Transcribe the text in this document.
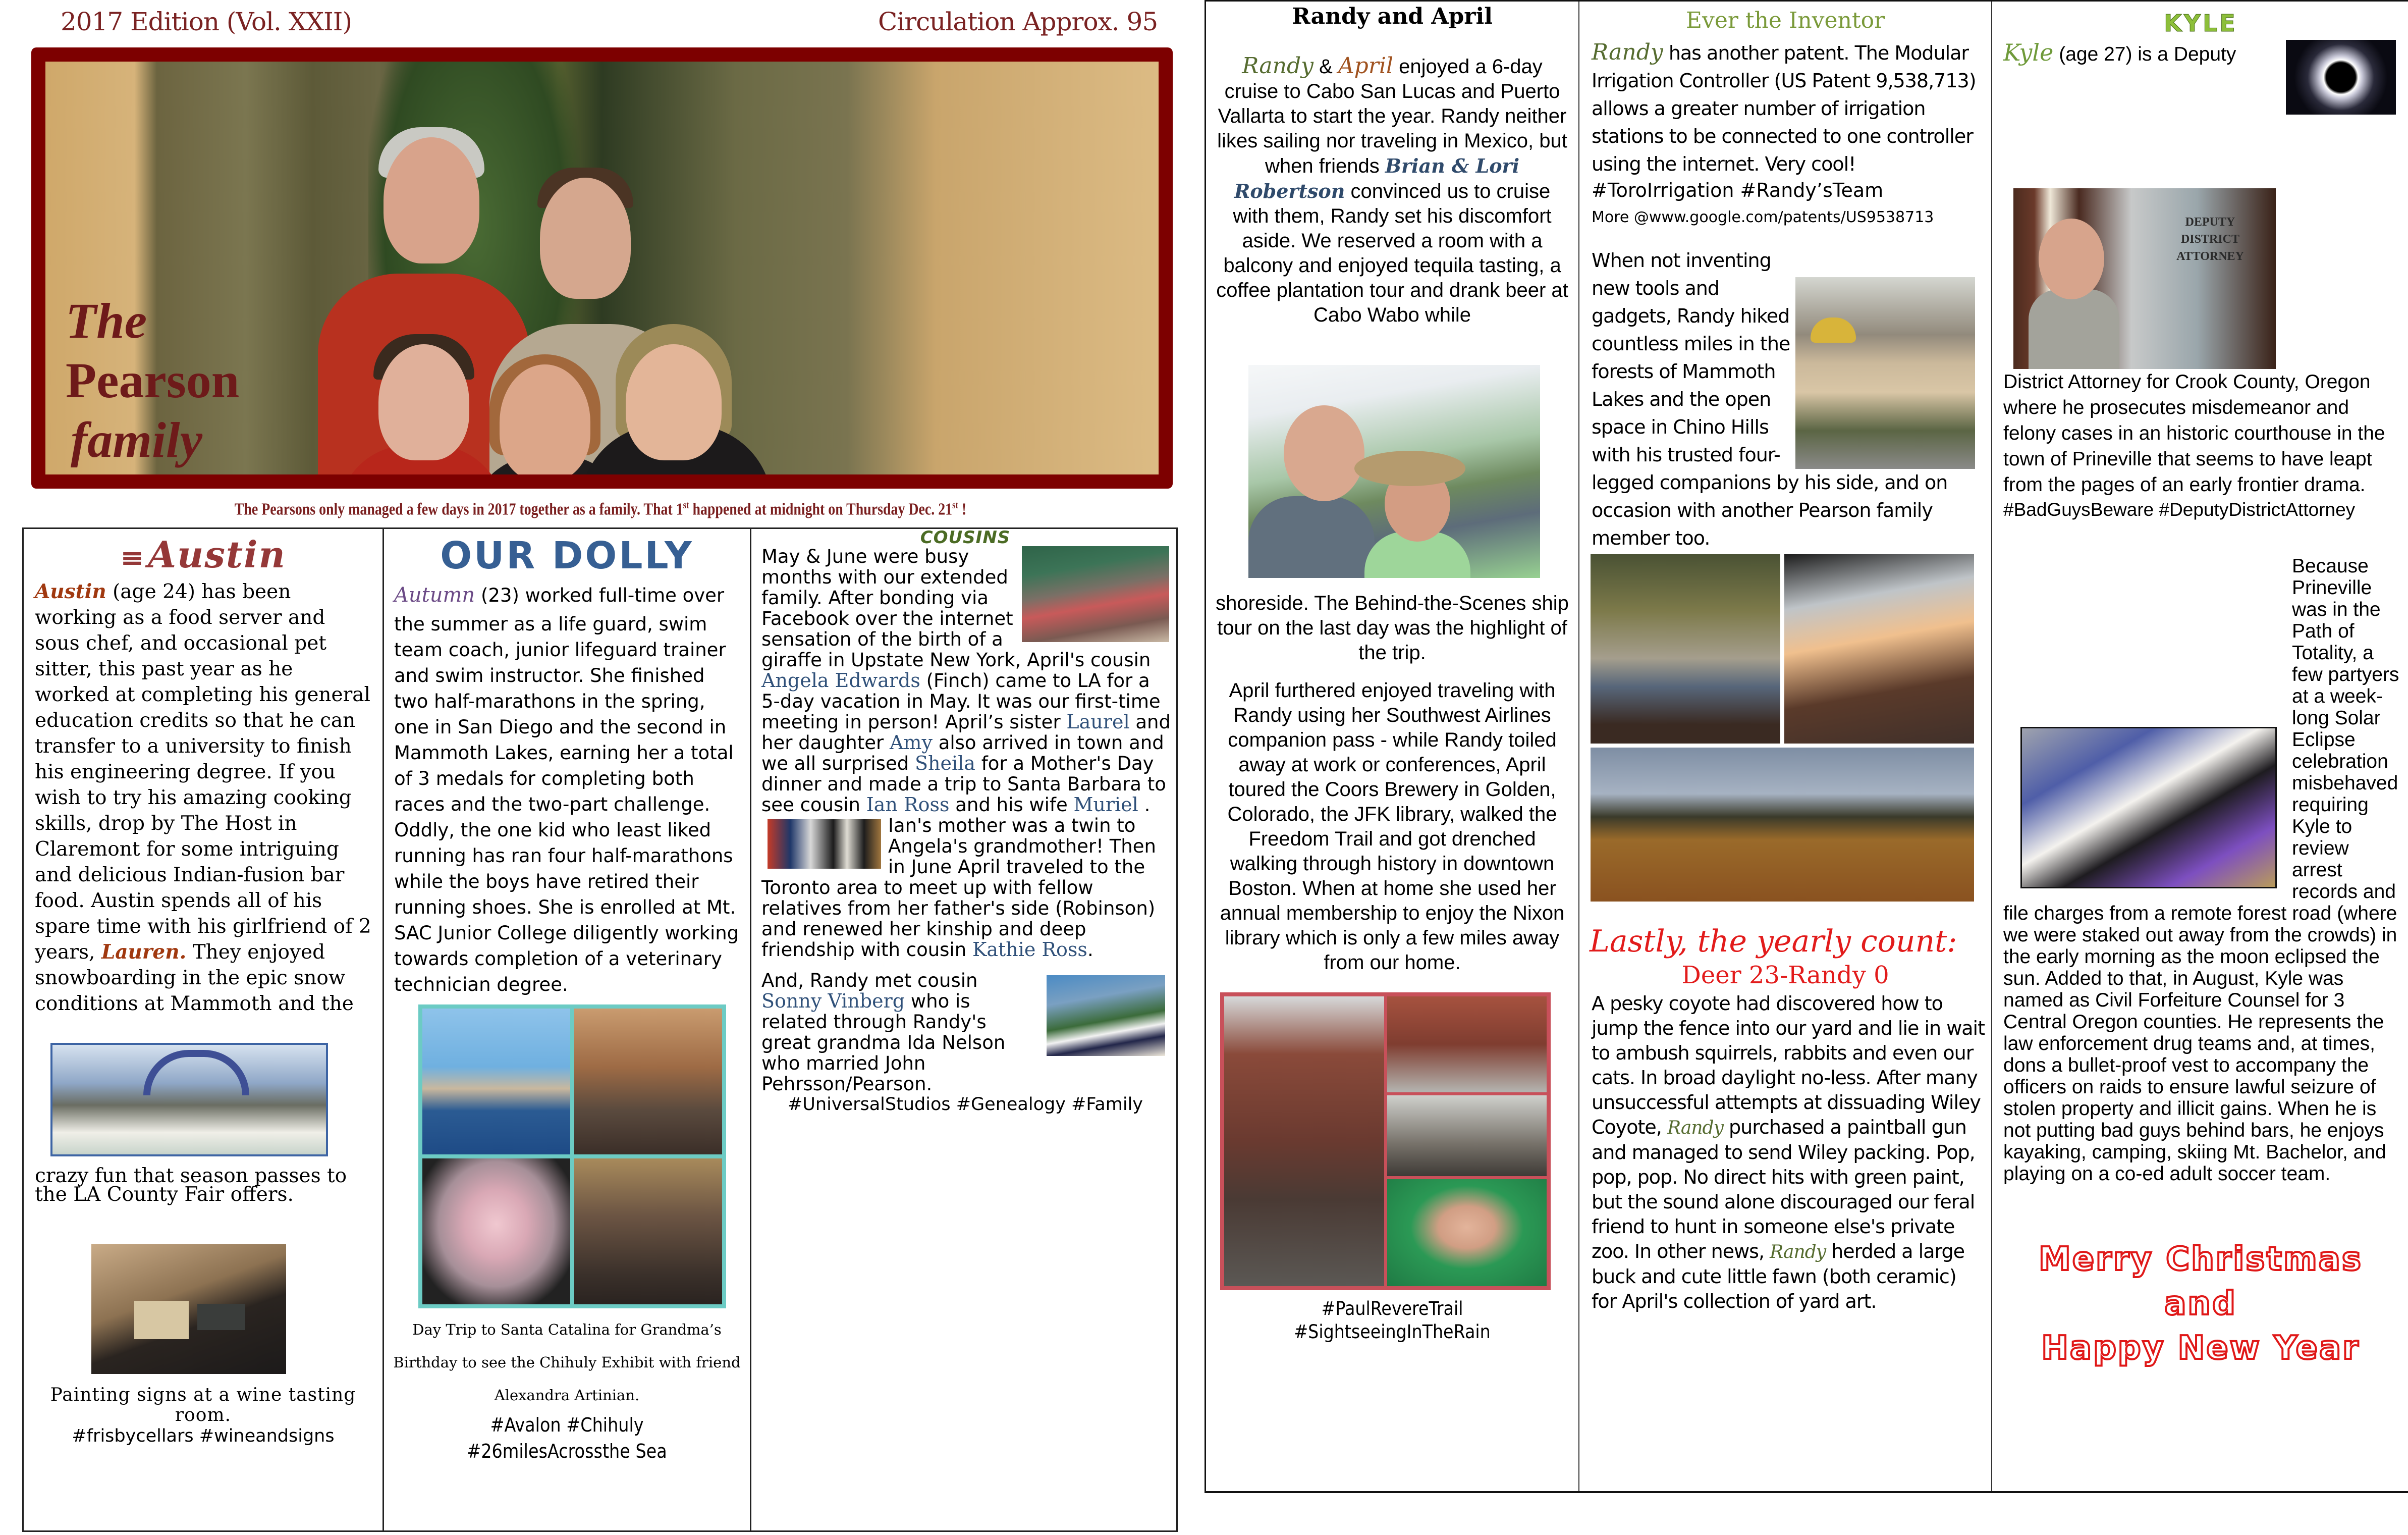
2017 Edition (Vol. XXII)	Circulation Approx. 95
The
Pearson
family
The Pearsons only managed a few days in 2017 together as a family. That 1st happened at midnight on Thursday Dec. 21st !
≡ Austin
Austin (age 24) has been working as a food server and sous chef, and occasional pet sitter, this past year as he worked at completing his general education credits so that he can transfer to a university to finish his engineering degree. If you wish to try his amazing cooking skills, drop by The Host in Claremont for some intriguing and delicious Indian-fusion bar food. Austin spends all of his spare time with his girlfriend of 2 years, Lauren. They enjoyed snowboarding in the epic snow conditions at Mammoth and the
crazy fun that season passes to the LA County Fair offers.
Painting signs at a wine tasting room.
#frisbycellars #wineandsigns
OUR DOLLY
Autumn (23) worked full-time over
the summer as a life guard, swim team coach, junior lifeguard trainer and swim instructor. She finished two half-marathons in the spring, one in San Diego and the second in Mammoth Lakes, earning her a total of 3 medals for completing both races and the two-part challenge. Oddly, the one kid who least liked running has ran four half-marathons while the boys have retired their running shoes. She is enrolled at Mt. SAC Junior College diligently working towards completion of a veterinary technician degree.
Day Trip to Santa Catalina for Grandma’s Birthday to see the Chihuly Exhibit with friend Alexandra Artinian.
#Avalon #Chihuly
#26milesAcrossthe Sea
COUSINS
May & June were busy months with our extended family. After bonding via Facebook over the internet sensation of the birth of a giraffe in Upstate New York, April's cousin Angela Edwards (Finch) came to LA for a 5-day vacation in May. It was our first-time meeting in person! April’s sister Laurel and her daughter Amy also arrived in town and we all surprised Sheila for a Mother's Day dinner and made a trip to Santa Barbara to see cousin Ian Ross and his wife Muriel . Ian's mother was a twin to Angela's grandmother! Then in June April traveled to the Toronto area to meet up with fellow relatives from her father's side (Robinson) and renewed her kinship and deep friendship with cousin Kathie Ross.
And, Randy met cousin Sonny Vinberg who is related through Randy's great grandma Ida Nelson who married John Pehrsson/Pearson.
#UniversalStudios #Genealogy #Family
Randy and April
Randy & April enjoyed a 6-day cruise to Cabo San Lucas and Puerto Vallarta to start the year. Randy neither likes sailing nor traveling in Mexico, but when friends Brian & Lori Robertson convinced us to cruise with them, Randy set his discomfort aside. We reserved a room with a balcony and enjoyed tequila tasting, a coffee plantation tour and drank beer at Cabo Wabo while
shoreside. The Behind-the-Scenes ship tour on the last day was the highlight of the trip.
April furthered enjoyed traveling with Randy using her Southwest Airlines companion pass - while Randy toiled away at work or conferences, April toured the Coors Brewery in Golden, Colorado, the JFK library, walked the Freedom Trail and got drenched walking through history in downtown Boston. When at home she used her annual membership to enjoy the Nixon library which is only a few miles away from our home.
#PaulRevereTrail
#SightseeingInTheRain
Ever the Inventor
Randy has another patent. The Modular Irrigation Controller (US Patent 9,538,713) allows a greater number of irrigation stations to be connected to one controller using the internet. Very cool!
#ToroIrrigation #Randy’sTeam
More @www.google.com/patents/US9538713
When not inventing new tools and gadgets, Randy hiked countless miles in the forests of Mammoth Lakes and the open space in Chino Hills with his trusted four-legged companions by his side, and on occasion with another Pearson family member too.
Lastly, the yearly count:
Deer 23-Randy 0
A pesky coyote had discovered how to jump the fence into our yard and lie in wait to ambush squirrels, rabbits and even our cats. In broad daylight no-less. After many unsuccessful attempts at dissuading Wiley Coyote, Randy purchased a paintball gun and managed to send Wiley packing. Pop, pop, pop. No direct hits with green paint, but the sound alone discouraged our feral friend to hunt in someone else's private zoo. In other news, Randy herded a large buck and cute little fawn (both ceramic) for April's collection of yard art.
KYLE
Kyle
DEPUTY DISTRICT ATTORNEY
(age 27) is a Deputy District Attorney for Crook County, Oregon where he prosecutes misdemeanor and felony cases in an historic courthouse in the town of Prineville that seems to have leapt from the pages of an early frontier drama.
#BadGuysBeware #DeputyDistrictAttorney
Because Prineville was in the Path of Totality, a few partyers at a week-long Solar Eclipse celebration misbehaved requiring Kyle to review arrest records and file charges from a remote forest road (where we were staked out away from the crowds) in the early morning as the moon eclipsed the sun. Added to that, in August, Kyle was named as Civil Forfeiture Counsel for 3 Central Oregon counties. He represents the law enforcement drug teams and, at times, dons a bullet-proof vest to accompany the officers on raids to ensure lawful seizure of stolen property and illicit gains. When he is not putting bad guys behind bars, he enjoys kayaking, camping, skiing Mt. Bachelor, and playing on a co-ed adult soccer team.
Merry Christmas
and
Happy New Year
